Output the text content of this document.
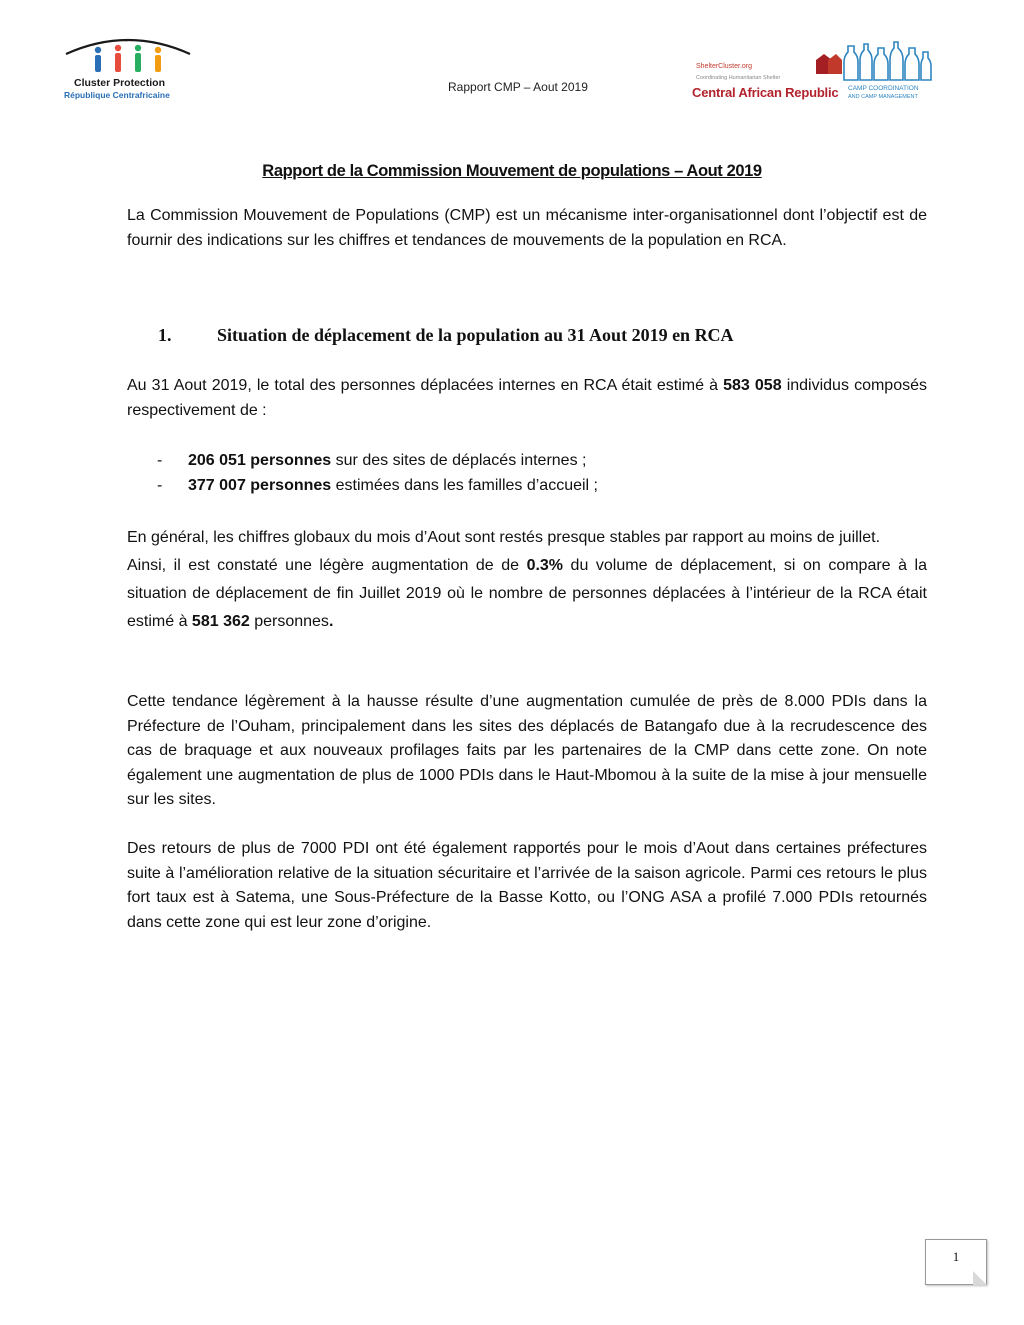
Cluster Protection
République Centrafricaine
Rapport CMP – Aout 2019
ShelterCluster.org
Coordinating Humanitarian Shelter
Central African Republic CAMP COORDINATION
AND CAMP MANAGEMENT
Rapport de la Commission Mouvement de populations – Aout 2019
La Commission Mouvement de Populations (CMP) est un mécanisme inter-organisationnel dont l’objectif est de fournir des indications sur les chiffres et tendances de mouvements de la population en RCA.
1.	Situation de déplacement de la population au 31 Aout 2019 en RCA
Au 31 Aout 2019, le total des personnes déplacées internes en RCA était estimé à 583 058 individus composés respectivement de :
- 206 051 personnes sur des sites de déplacés internes ;
- 377 007 personnes estimées dans les familles d’accueil ;
En général, les chiffres globaux du mois d’Aout sont restés presque stables par rapport au moins de juillet.
Ainsi, il est constaté une légère augmentation de de 0.3% du volume de déplacement, si on compare à la situation de déplacement de fin Juillet 2019 où le nombre de personnes déplacées à l’intérieur de la RCA était estimé à 581 362 personnes.
Cette tendance légèrement à la hausse résulte d’une augmentation cumulée de près de 8.000 PDIs dans la Préfecture de l’Ouham, principalement dans les sites des déplacés de Batangafo due à la recrudescence des cas de braquage et aux nouveaux profilages faits par les partenaires de la CMP dans cette zone. On note également une augmentation de plus de 1000 PDIs dans le Haut-Mbomou à la suite de la mise à jour mensuelle sur les sites.
Des retours de plus de 7000 PDI ont été également rapportés pour le mois d’Aout dans certaines préfectures suite à l’amélioration relative de la situation sécuritaire et l’arrivée de la saison agricole. Parmi ces retours le plus fort taux est à Satema, une Sous-Préfecture de la Basse Kotto, ou l’ONG ASA a profilé 7.000 PDIs retournés dans cette zone qui est leur zone d’origine.
1
